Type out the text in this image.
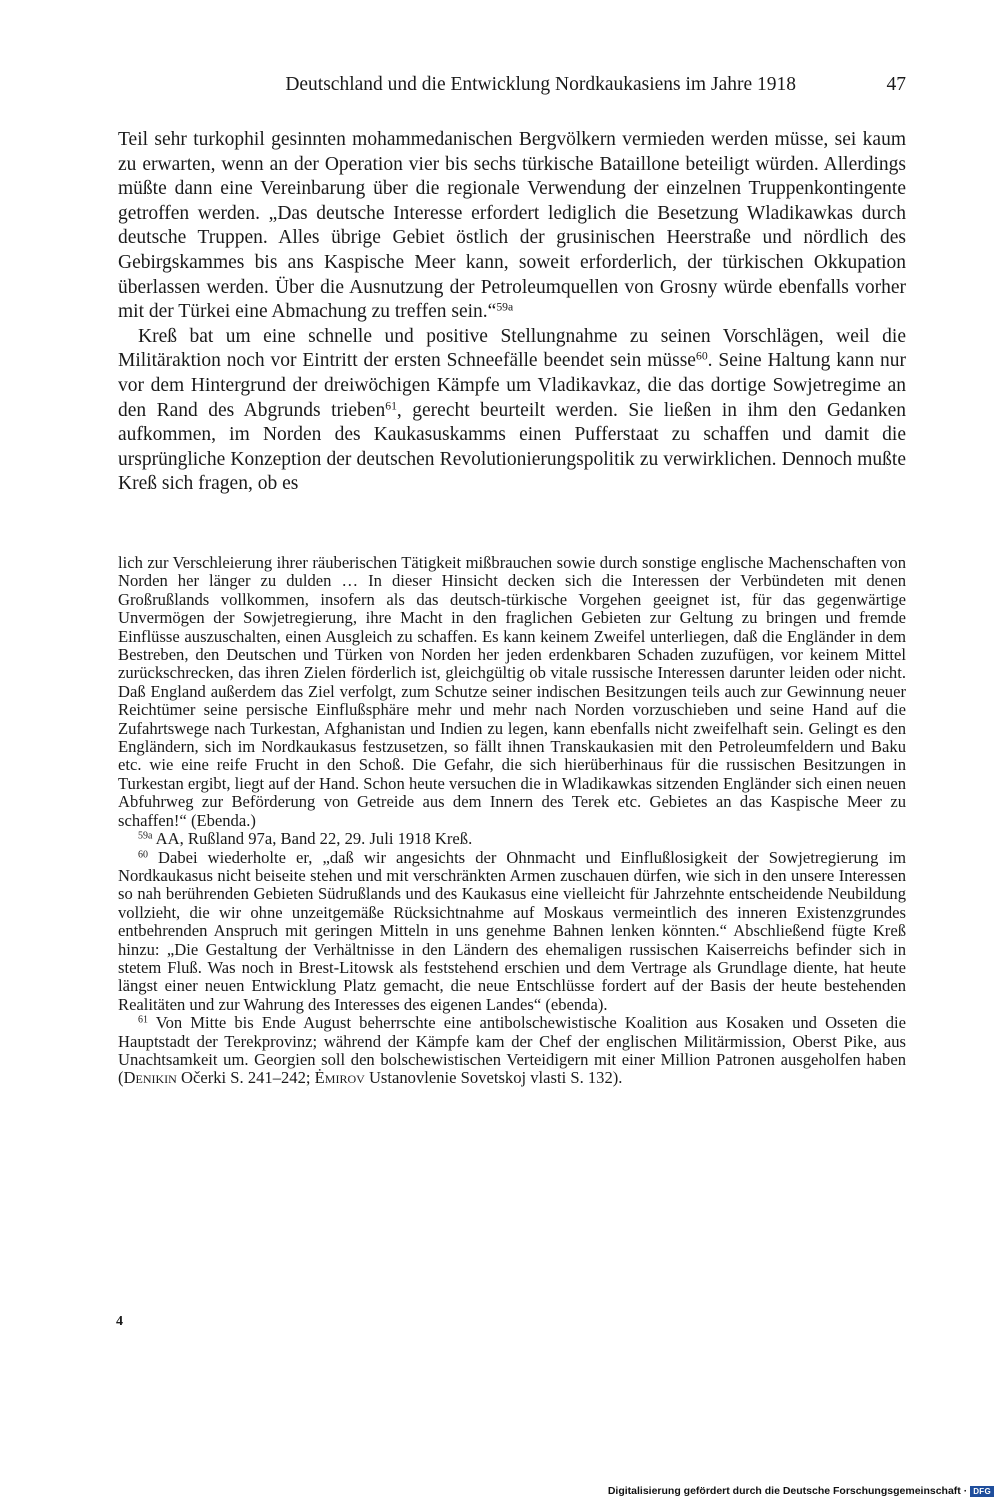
Deutschland und die Entwicklung Nordkaukasiens im Jahre 1918	47

Teil sehr turkophil gesinnten mohammedanischen Bergvölkern vermieden werden müsse, sei kaum zu erwarten, wenn an der Operation vier bis sechs türkische Bataillone beteiligt würden. Allerdings müßte dann eine Vereinbarung über die regionale Verwendung der einzelnen Truppenkontingente getroffen werden. „Das deutsche Interesse erfordert lediglich die Besetzung Wladikawkas durch deutsche Truppen. Alles übrige Gebiet östlich der grusinischen Heerstraße und nördlich des Gebirgskammes bis ans Kaspische Meer kann, soweit erforderlich, der türkischen Okkupation überlassen werden. Über die Ausnutzung der Petroleumquellen von Grosny würde ebenfalls vorher mit der Türkei eine Abmachung zu treffen sein.“$^{59a}$

Kreß bat um eine schnelle und positive Stellungnahme zu seinen Vorschlägen, weil die Militäraktion noch vor Eintritt der ersten Schneefälle beendet sein müsse$^{60}$. Seine Haltung kann nur vor dem Hintergrund der dreiwöchigen Kämpfe um Vladikavkaz, die das dortige Sowjetregime an den Rand des Abgrunds trieben$^{61}$, gerecht beurteilt werden. Sie ließen in ihm den Gedanken aufkommen, im Norden des Kaukasuskamms einen Pufferstaat zu schaffen und damit die ursprüngliche Konzeption der deutschen Revolutionierungspolitik zu verwirklichen. Dennoch mußte Kreß sich fragen, ob es

lich zur Verschleierung ihrer räuberischen Tätigkeit mißbrauchen sowie durch sonstige englische Machenschaften von Norden her länger zu dulden … In dieser Hinsicht decken sich die Interessen der Verbündeten mit denen Großrußlands vollkommen, insofern als das deutsch-türkische Vorgehen geeignet ist, für das gegenwärtige Unvermögen der Sowjetregierung, ihre Macht in den fraglichen Gebieten zur Geltung zu bringen und fremde Einflüsse auszuschalten, einen Ausgleich zu schaffen. Es kann keinem Zweifel unterliegen, daß die Engländer in dem Bestreben, den Deutschen und Türken von Norden her jeden erdenkbaren Schaden zuzufügen, vor keinem Mittel zurückschrecken, das ihren Zielen förderlich ist, gleichgültig ob vitale russische Interessen darunter leiden oder nicht. Daß England außerdem das Ziel verfolgt, zum Schutze seiner indischen Besitzungen teils auch zur Gewinnung neuer Reichtümer seine persische Einflußsphäre mehr und mehr nach Norden vorzuschieben und seine Hand auf die Zufahrtswege nach Turkestan, Afghanistan und Indien zu legen, kann ebenfalls nicht zweifelhaft sein. Gelingt es den Engländern, sich im Nordkaukasus festzusetzen, so fällt ihnen Transkaukasien mit den Petroleumfeldern und Baku etc. wie eine reife Frucht in den Schoß. Die Gefahr, die sich hierüberhinaus für die russischen Besitzungen in Turkestan ergibt, liegt auf der Hand. Schon heute versuchen die in Wladikawkas sitzenden Engländer sich einen neuen Abfuhrweg zur Beförderung von Getreide aus dem Innern des Terek etc. Gebietes an das Kaspische Meer zu schaffen!“ (Ebenda.)

$^{59a}$ AA, Rußland 97a, Band 22, 29. Juli 1918 Kreß.

$^{60}$ Dabei wiederholte er, „daß wir angesichts der Ohnmacht und Einflußlosigkeit der Sowjetregierung im Nordkaukasus nicht beiseite stehen und mit verschränkten Armen zuschauen dürfen, wie sich in den unsere Interessen so nah berührenden Gebieten Südrußlands und des Kaukasus eine vielleicht für Jahrzehnte entscheidende Neubildung vollzieht, die wir ohne unzeitgemäße Rücksichtnahme auf Moskaus vermeintlich des inneren Existenzgrundes entbehrenden Anspruch mit geringen Mitteln in uns genehme Bahnen lenken könnten.“ Abschließend fügte Kreß hinzu: „Die Gestaltung der Verhältnisse in den Ländern des ehemaligen russischen Kaiserreichs befinder sich in stetem Fluß. Was noch in Brest-Litowsk als feststehend erschien und dem Vertrage als Grundlage diente, hat heute längst einer neuen Entwicklung Platz gemacht, die neue Entschlüsse fordert auf der Basis der heute bestehenden Realitäten und zur Wahrung des Interesses des eigenen Landes“ (ebenda).

$^{61}$ Von Mitte bis Ende August beherrschte eine antibolschewistische Koalition aus Kosaken und Osseten die Hauptstadt der Terekprovinz; während der Kämpfe kam der Chef der englischen Militärmission, Oberst Pike, aus Unachtsamkeit um. Georgien soll den bolschewistischen Verteidigern mit einer Million Patronen ausgeholfen haben (Denikin Očerki S. 241–242; Ėmirov Ustanovlenie Sovetskoj vlasti S. 132).

4
Digitalisierung gefördert durch die Deutsche Forschungsgemeinschaft · DFG
